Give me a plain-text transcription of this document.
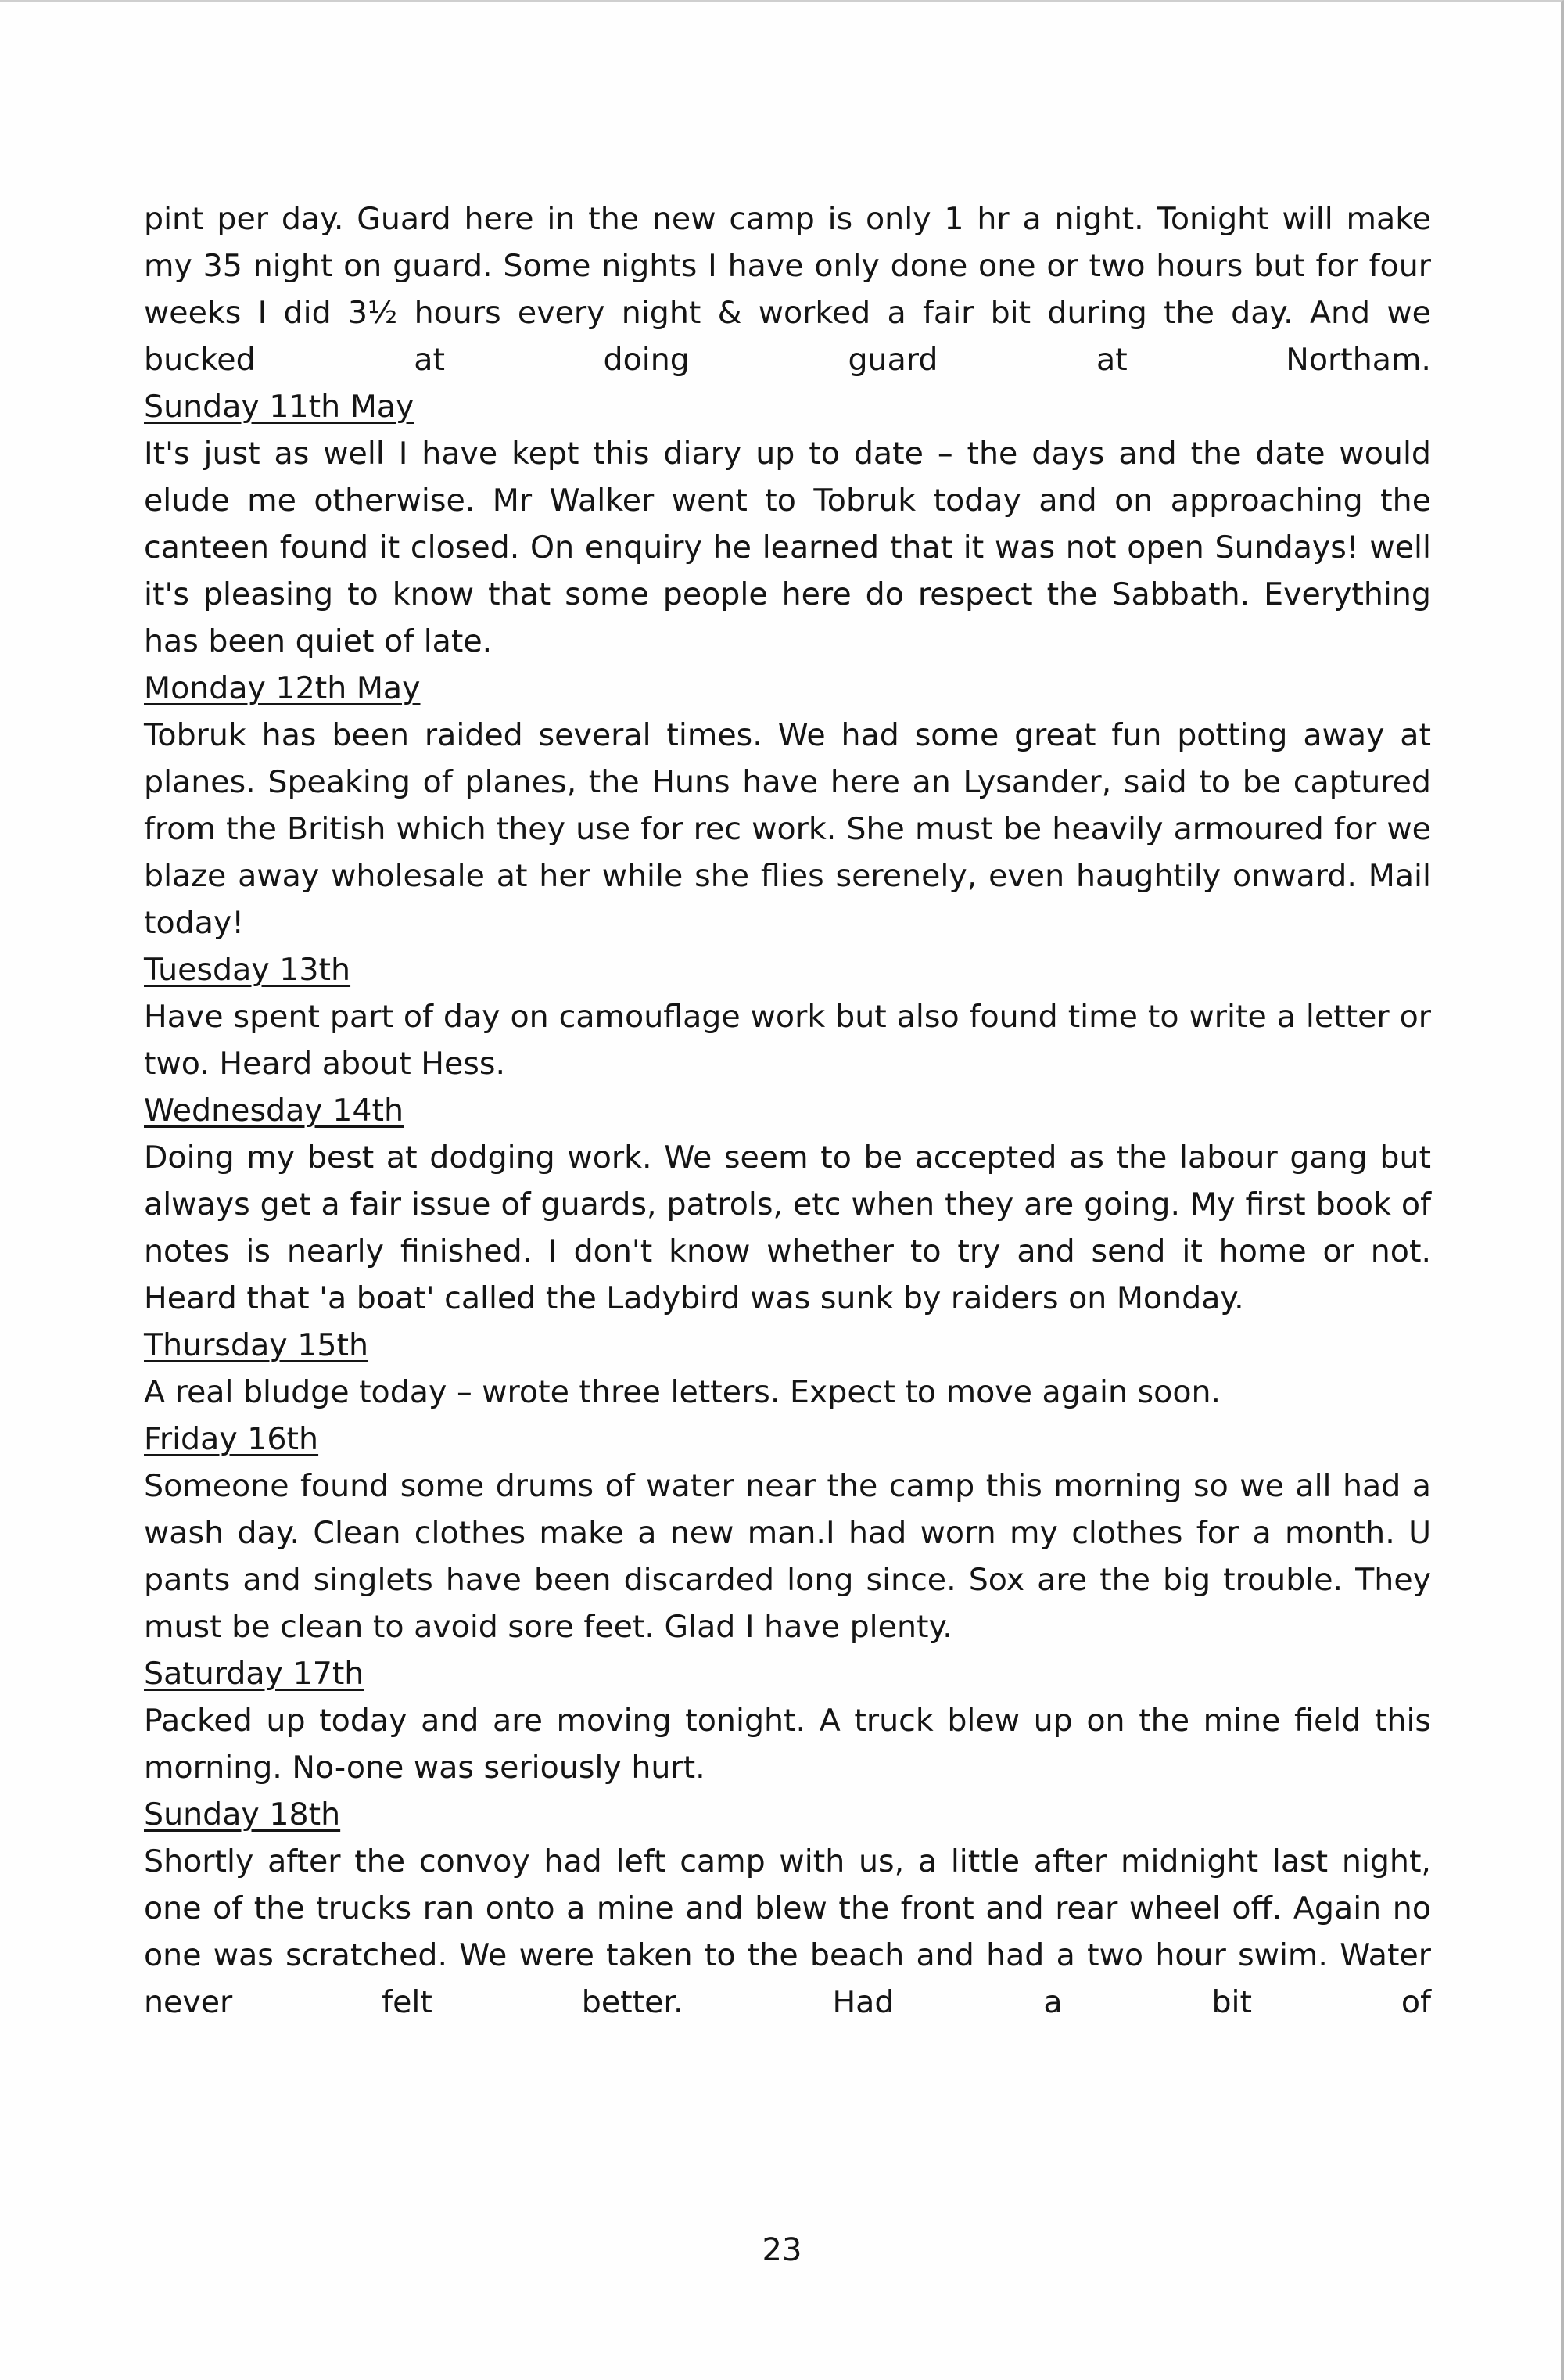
pint per day. Guard here in the new camp is only 1 hr a night. Tonight will make my 35 night on guard. Some nights I have only done one or two hours but for four weeks I did 3½ hours every night & worked a fair bit during the day. And we bucked at doing guard at Northam.

Sunday 11th May

It's just as well I have kept this diary up to date – the days and the date would elude me otherwise. Mr Walker went to Tobruk today and on approaching the canteen found it closed. On enquiry he learned that it was not open Sundays! well it's pleasing to know that some people here do respect the Sabbath. Everything has been quiet of late.

Monday 12th May

Tobruk has been raided several times. We had some great fun potting away at planes. Speaking of planes, the Huns have here an Lysander, said to be captured from the British which they use for rec work. She must be heavily armoured for we blaze away wholesale at her while she flies serenely, even haughtily onward. Mail today!

Tuesday 13th

Have spent part of day on camouflage work but also found time to write a letter or two. Heard about Hess.

Wednesday 14th

Doing my best at dodging work. We seem to be accepted as the labour gang but always get a fair issue of guards, patrols, etc when they are going. My first book of notes is nearly finished. I don't know whether to try and send it home or not. Heard that 'a boat' called the Ladybird was sunk by raiders on Monday.

Thursday 15th

A real bludge today – wrote three letters. Expect to move again soon.

Friday 16th

Someone found some drums of water near the camp this morning so we all had a wash day. Clean clothes make a new man.I had worn my clothes for a month. U pants and singlets have been discarded long since. Sox are the big trouble. They must be clean to avoid sore feet. Glad I have plenty.

Saturday 17th

Packed up today and are moving tonight. A truck blew up on the mine field this morning. No-one was seriously hurt.

Sunday 18th

Shortly after the convoy had left camp with us, a little after midnight last night, one of the trucks ran onto a mine and blew the front and rear wheel off. Again no one was scratched. We were taken to the beach and had a two hour swim. Water never felt better. Had a bit of

23
